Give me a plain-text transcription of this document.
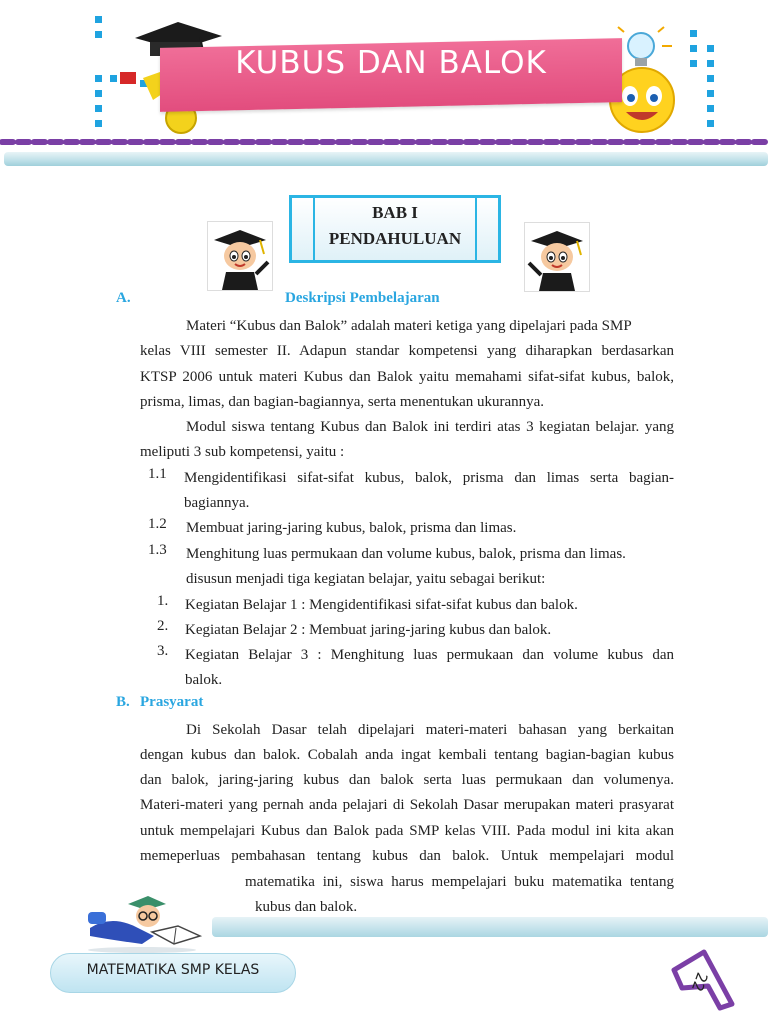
KUBUS DAN BALOK
BAB I
PENDAHULUAN
A.	Deskripsi Pembelajaran
Materi “Kubus dan Balok” adalah materi ketiga yang dipelajari pada SMP
kelas VIII semester II. Adapun standar kompetensi yang diharapkan berdasarkan
KTSP 2006 untuk materi Kubus dan Balok yaitu memahami sifat-sifat kubus, balok,
prisma, limas, dan bagian-bagiannya, serta menentukan ukurannya.
Modul siswa tentang Kubus dan Balok ini terdiri atas 3 kegiatan belajar. yang
meliputi 3 sub kompetensi, yaitu :
1.1 Mengidentifikasi sifat-sifat kubus, balok, prisma dan limas serta bagian-
bagiannya.
1.2 Membuat jaring-jaring kubus, balok, prisma dan limas.
1.3 Menghitung luas permukaan dan volume kubus, balok, prisma dan limas.
disusun menjadi tiga kegiatan belajar, yaitu sebagai berikut:
1. Kegiatan Belajar 1 : Mengidentifikasi sifat-sifat kubus dan balok.
2. Kegiatan Belajar 2 : Membuat jaring-jaring kubus dan balok.
3. Kegiatan Belajar 3 : Menghitung luas permukaan dan volume kubus dan
balok.
B. Prasyarat
Di Sekolah Dasar telah dipelajari materi-materi bahasan yang berkaitan
dengan kubus dan balok. Cobalah anda ingat kembali tentang bagian-bagian kubus
dan balok, jaring-jaring kubus dan balok serta luas permukaan dan volumenya.
Materi-materi yang pernah anda pelajari di Sekolah Dasar merupakan materi prasyarat
untuk mempelajari Kubus dan Balok pada SMP kelas VIII. Pada modul ini kita akan
memeperluas pembahasan tentang kubus dan balok. Untuk mempelajari modul
matematika ini, siswa harus mempelajari buku matematika tentang
kubus dan balok.
MATEMATIKA SMP KELAS	22
